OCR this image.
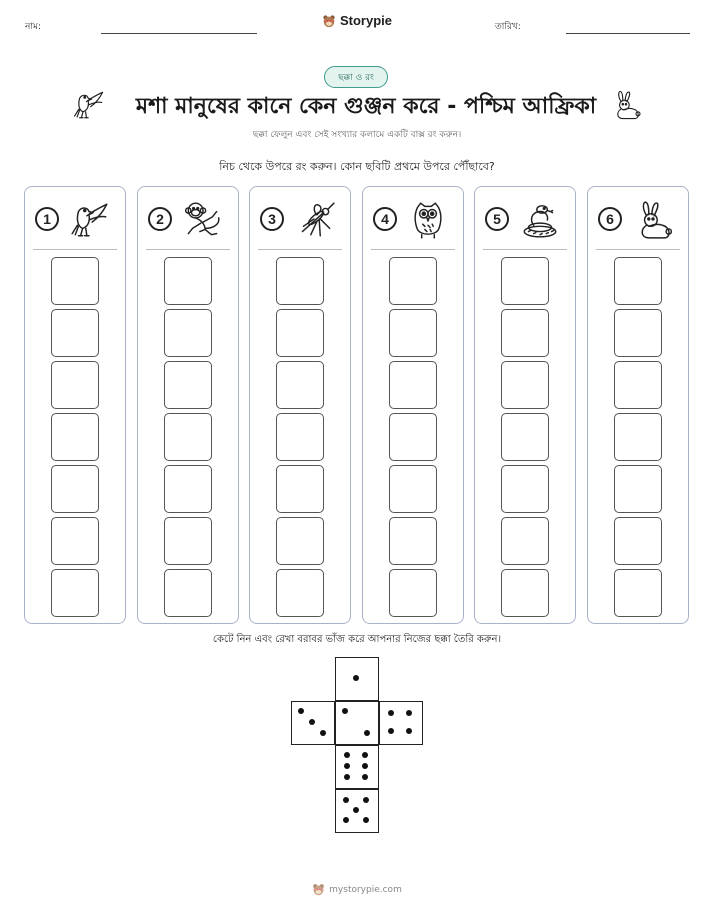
নাম:	Storypie	তারিখ:
ছক্কা ও রং
মশা মানুষের কানে কেন গুঞ্জন করে - পশ্চিম আফ্রিকা
ছক্কা ফেলুন এবং সেই সংখ্যার কলামে একটি বাক্স রং করুন।
নিচ থেকে উপরে রং করুন। কোন ছবিটি প্রথমে উপরে পৌঁছাবে?
1	2	3	4	5	6
কেটে নিন এবং রেখা বরাবর ভাঁজ করে আপনার নিজের ছক্কা তৈরি করুন।
mystorypie.com
